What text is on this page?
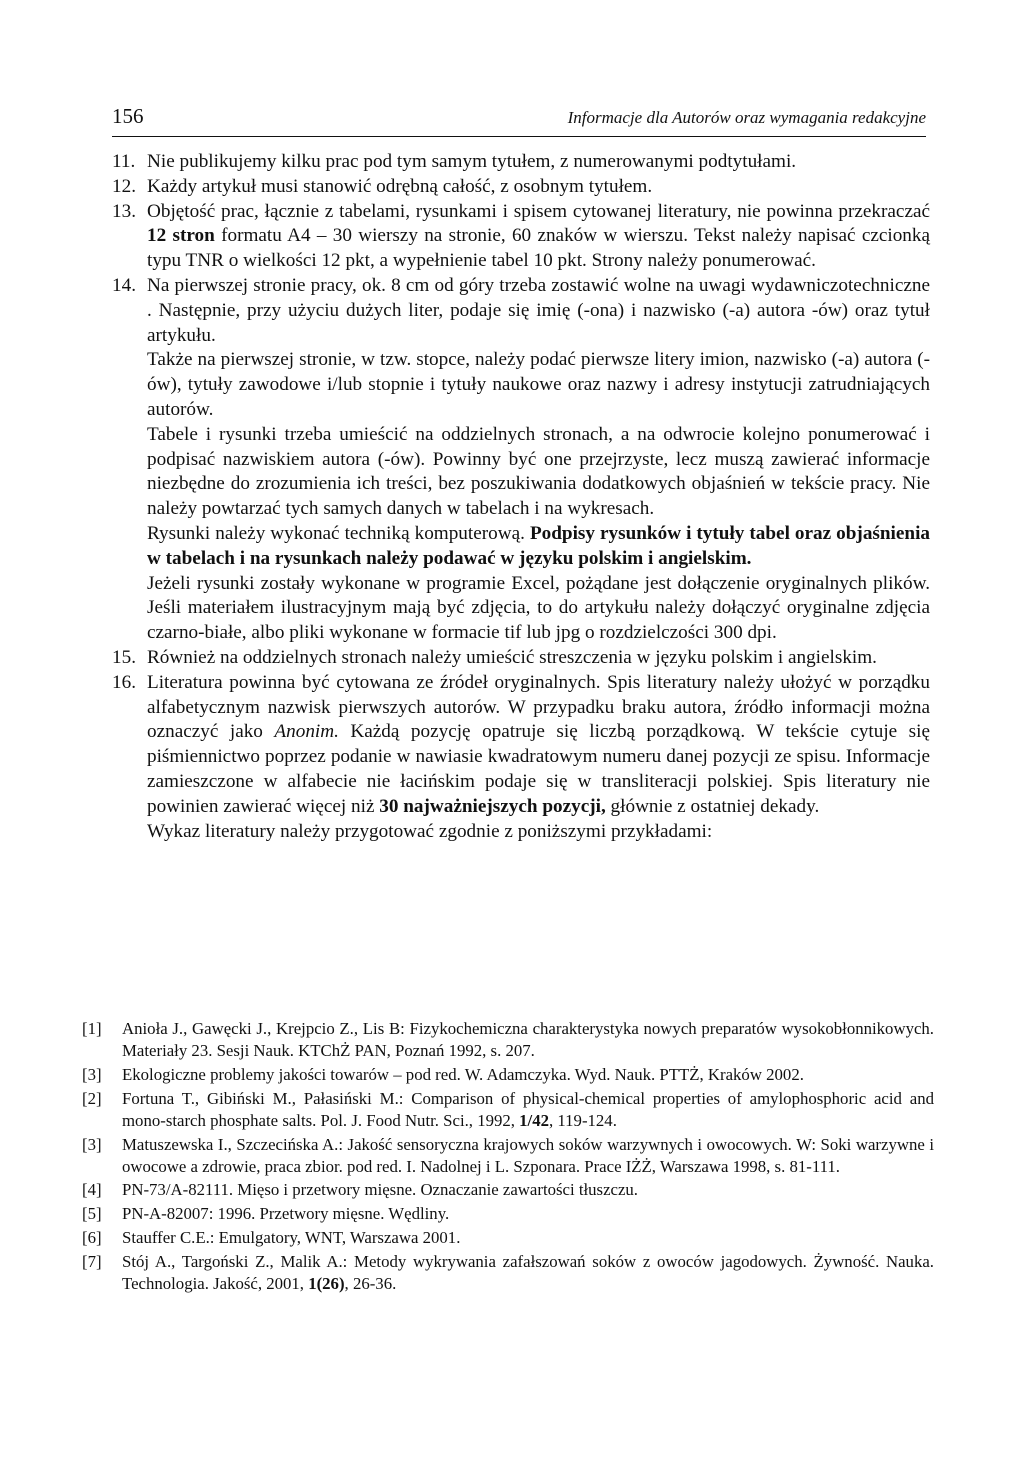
156	Informacje dla Autorów oraz wymagania redakcyjne
11. Nie publikujemy kilku prac pod tym samym tytułem, z numerowanymi podtytułami.
12. Każdy artykuł musi stanowić odrębną całość, z osobnym tytułem.
13. Objętość prac, łącznie z tabelami, rysunkami i spisem cytowanej literatury, nie powinna przekraczać 12 stron formatu A4 – 30 wierszy na stronie, 60 znaków w wierszu. Tekst należy napisać czcionką typu TNR o wielkości 12 pkt, a wypełnienie tabel 10 pkt. Strony należy ponumerować.
14. Na pierwszej stronie pracy, ok. 8 cm od góry trzeba zostawić wolne na uwagi wydawniczotechniczne . Następnie, przy użyciu dużych liter, podaje się imię (-ona) i nazwisko (-a) autora -ów) oraz tytuł artykułu.

Także na pierwszej stronie, w tzw. stopce, należy podać pierwsze litery imion, nazwisko (-a) autora (-ów), tytuły zawodowe i/lub stopnie i tytuły naukowe oraz nazwy i adresy instytucji zatrudniających autorów.

Tabele i rysunki trzeba umieścić na oddzielnych stronach, a na odwrocie kolejno ponumerować i podpisać nazwiskiem autora (-ów). Powinny być one przejrzyste, lecz muszą zawierać informacje niezbędne do zrozumienia ich treści, bez poszukiwania dodatkowych objaśnień w tekście pracy. Nie należy powtarzać tych samych danych w tabelach i na wykresach.

Rysunki należy wykonać techniką komputerową. Podpisy rysunków i tytuły tabel oraz objaśnienia w tabelach i na rysunkach należy podawać w języku polskim i angielskim.

Jeżeli rysunki zostały wykonane w programie Excel, pożądane jest dołączenie oryginalnych plików. Jeśli materiałem ilustracyjnym mają być zdjęcia, to do artykułu należy dołączyć oryginalne zdjęcia czarno-białe, albo pliki wykonane w formacie tif lub jpg o rozdzielczości 300 dpi.

15. Również na oddzielnych stronach należy umieścić streszczenia w języku polskim i angielskim.
16. Literatura powinna być cytowana ze źródeł oryginalnych. Spis literatury należy ułożyć w porządku alfabetycznym nazwisk pierwszych autorów. W przypadku braku autora, źródło informacji można oznaczyć jako Anonim. Każdą pozycję opatruje się liczbą porządkową. W tekście cytuje się piśmiennictwo poprzez podanie w nawiasie kwadratowym numeru danej pozycji ze spisu. Informacje zamieszczone w alfabecie nie łacińskim podaje się w transliteracji polskiej. Spis literatury nie powinien zawierać więcej niż 30 najważniejszych pozycji, głównie z ostatniej dekady.

Wykaz literatury należy przygotować zgodnie z poniższymi przykładami:

[1]	Anioła J., Gawęcki J., Krejpcio Z., Lis B: Fizykochemiczna charakterystyka nowych preparatów wysokobłonnikowych. Materiały 23. Sesji Nauk. KTChŻ PAN, Poznań 1992, s. 207.
[3]	Ekologiczne problemy jakości towarów – pod red. W. Adamczyka. Wyd. Nauk. PTTŻ, Kraków 2002.
[2]	Fortuna T., Gibiński M., Pałasiński M.: Comparison of physical-chemical properties of amylophosphoric acid and mono-starch phosphate salts. Pol. J. Food Nutr. Sci., 1992, 1/42, 119-124.
[3]	Matuszewska I., Szczecińska A.: Jakość sensoryczna krajowych soków warzywnych i owocowych. W: Soki warzywne i owocowe a zdrowie, praca zbior. pod red. I. Nadolnej i L. Szponara. Prace IŻŻ, Warszawa 1998, s. 81-111.
[4]	PN-73/A-82111. Mięso i przetwory mięsne. Oznaczanie zawartości tłuszczu.
[5]	PN-A-82007: 1996. Przetwory mięsne. Wędliny.
[6]	Stauffer C.E.: Emulgatory, WNT, Warszawa 2001.
[7]	Stój A., Targoński Z., Malik A.: Metody wykrywania zafałszowań soków z owoców jagodowych. Żywność. Nauka. Technologia. Jakość, 2001, 1(26), 26-36.
